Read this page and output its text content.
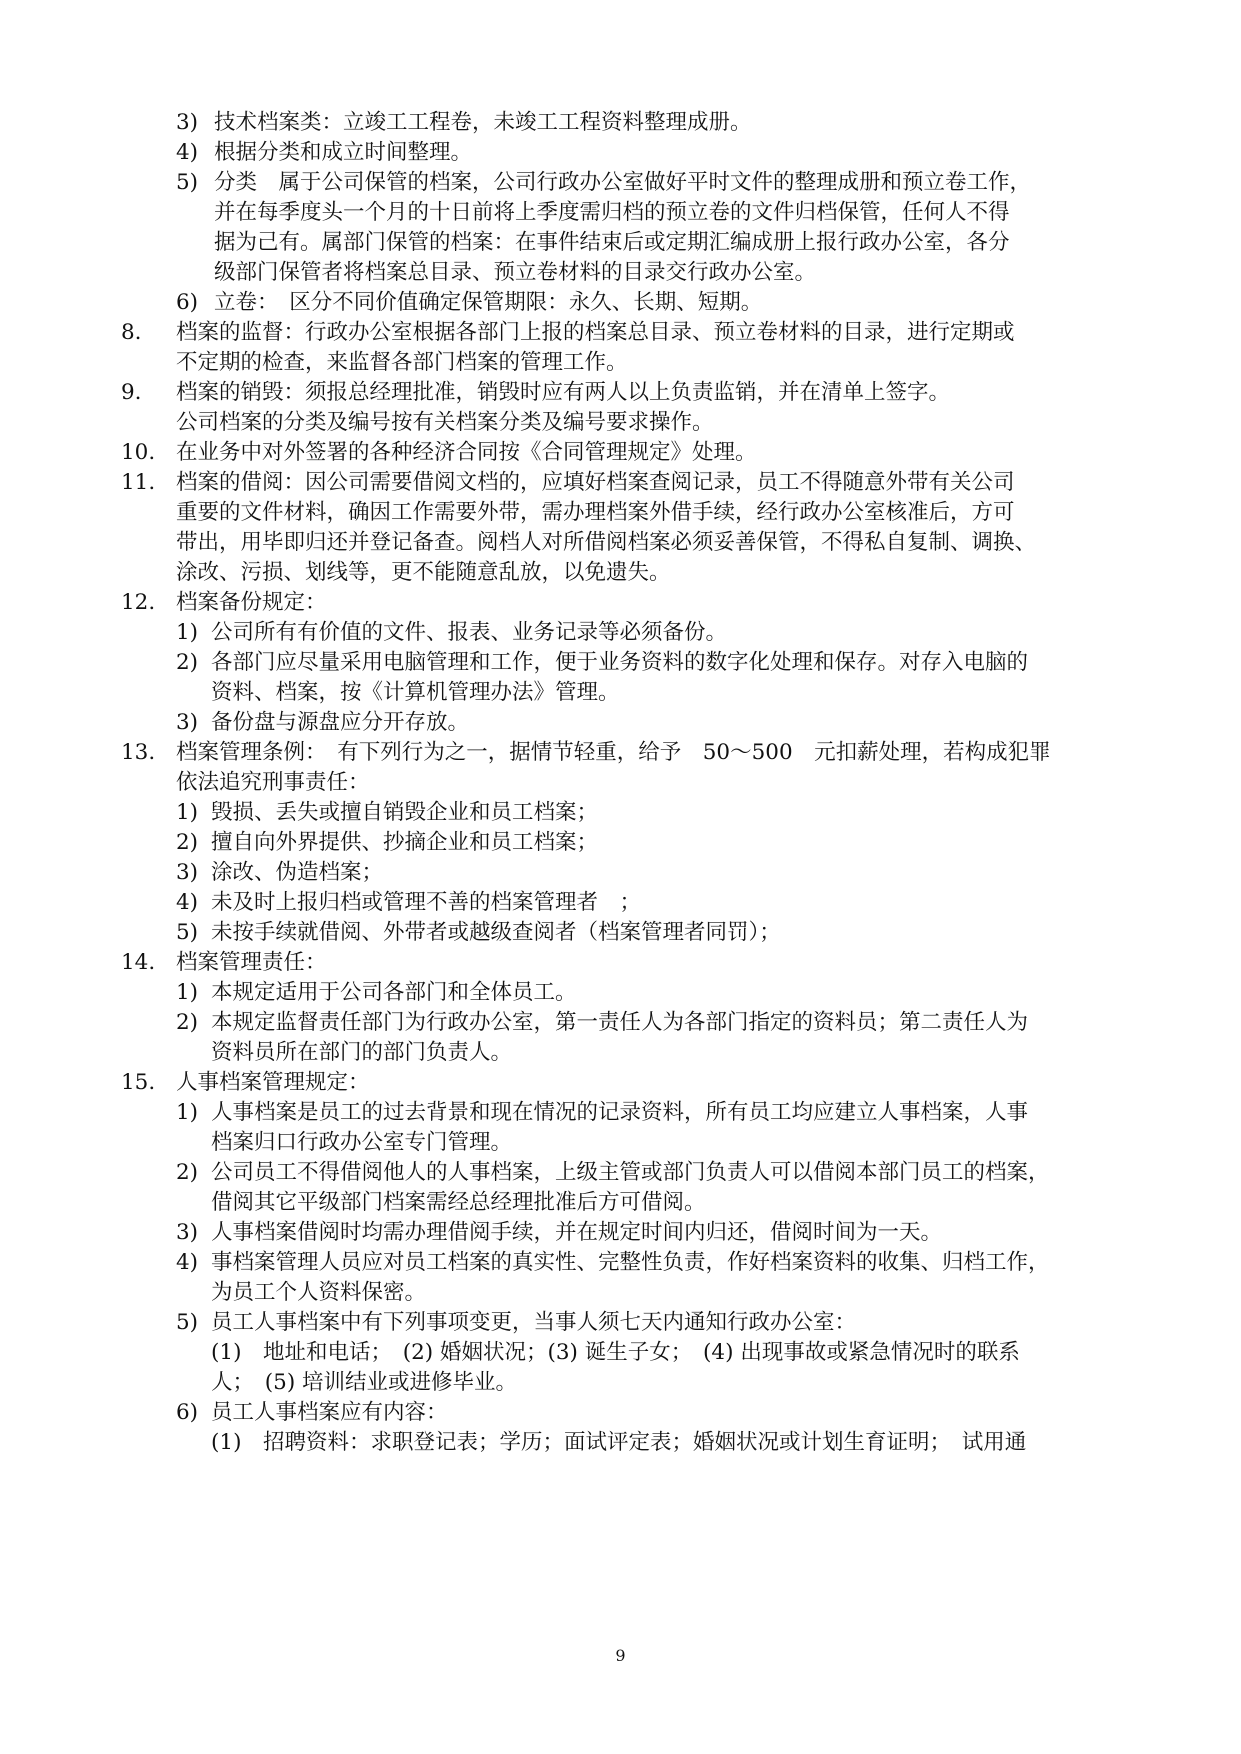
3) 技术档案类：立竣工工程卷，未竣工工程资料整理成册。

4) 根据分类和成立时间整理。

5) 分类　属于公司保管的档案，公司行政办公室做好平时文件的整理成册和预立卷工作，

并在每季度头一个月的十日前将上季度需归档的预立卷的文件归档保管，任何人不得

据为己有。属部门保管的档案：在事件结束后或定期汇编成册上报行政办公室，各分

级部门保管者将档案总目录、预立卷材料的目录交行政办公室。

6) 立卷：　区分不同价值确定保管期限：永久、长期、短期。

8. 档案的监督：行政办公室根据各部门上报的档案总目录、预立卷材料的目录，进行定期或

不定期的检查，来监督各部门档案的管理工作。

9. 档案的销毁：须报总经理批准，销毁时应有两人以上负责监销，并在清单上签字。

公司档案的分类及编号按有关档案分类及编号要求操作。

10. 在业务中对外签署的各种经济合同按《合同管理规定》处理。

11. 档案的借阅：因公司需要借阅文档的，应填好档案查阅记录，员工不得随意外带有关公司

重要的文件材料，确因工作需要外带，需办理档案外借手续，经行政办公室核准后，方可

带出，用毕即归还并登记备查。阅档人对所借阅档案必须妥善保管，不得私自复制、调换、

涂改、污损、划线等，更不能随意乱放，以免遗失。

12. 档案备份规定：

1) 公司所有有价值的文件、报表、业务记录等必须备份。

2) 各部门应尽量采用电脑管理和工作，便于业务资料的数字化处理和保存。对存入电脑的

资料、档案，按《计算机管理办法》管理。

3) 备份盘与源盘应分开存放。

13. 档案管理条例：　有下列行为之一，据情节轻重，给予　50～500　元扣薪处理，若构成犯罪

依法追究刑事责任：

1) 毁损、丢失或擅自销毁企业和员工档案；

2) 擅自向外界提供、抄摘企业和员工档案；

3) 涂改、伪造档案；

4) 未及时上报归档或管理不善的档案管理者　；

5) 未按手续就借阅、外带者或越级查阅者（档案管理者同罚）；

14. 档案管理责任：

1) 本规定适用于公司各部门和全体员工。

2) 本规定监督责任部门为行政办公室，第一责任人为各部门指定的资料员；第二责任人为

资料员所在部门的部门负责人。

15. 人事档案管理规定：

1) 人事档案是员工的过去背景和现在情况的记录资料，所有员工均应建立人事档案，人事

档案归口行政办公室专门管理。

2) 公司员工不得借阅他人的人事档案，上级主管或部门负责人可以借阅本部门员工的档案，

借阅其它平级部门档案需经总经理批准后方可借阅。

3) 人事档案借阅时均需办理借阅手续，并在规定时间内归还，借阅时间为一天。

4) 事档案管理人员应对员工档案的真实性、完整性负责，作好档案资料的收集、归档工作，

为员工个人资料保密。

5) 员工人事档案中有下列事项变更，当事人须七天内通知行政办公室：

(1)　地址和电话；　(2) 婚姻状况；(3) 诞生子女；　(4) 出现事故或紧急情况时的联系

人；　(5) 培训结业或进修毕业。

6) 员工人事档案应有内容：

(1)　招聘资料：求职登记表；学历；面试评定表；婚姻状况或计划生育证明；　试用通

9
